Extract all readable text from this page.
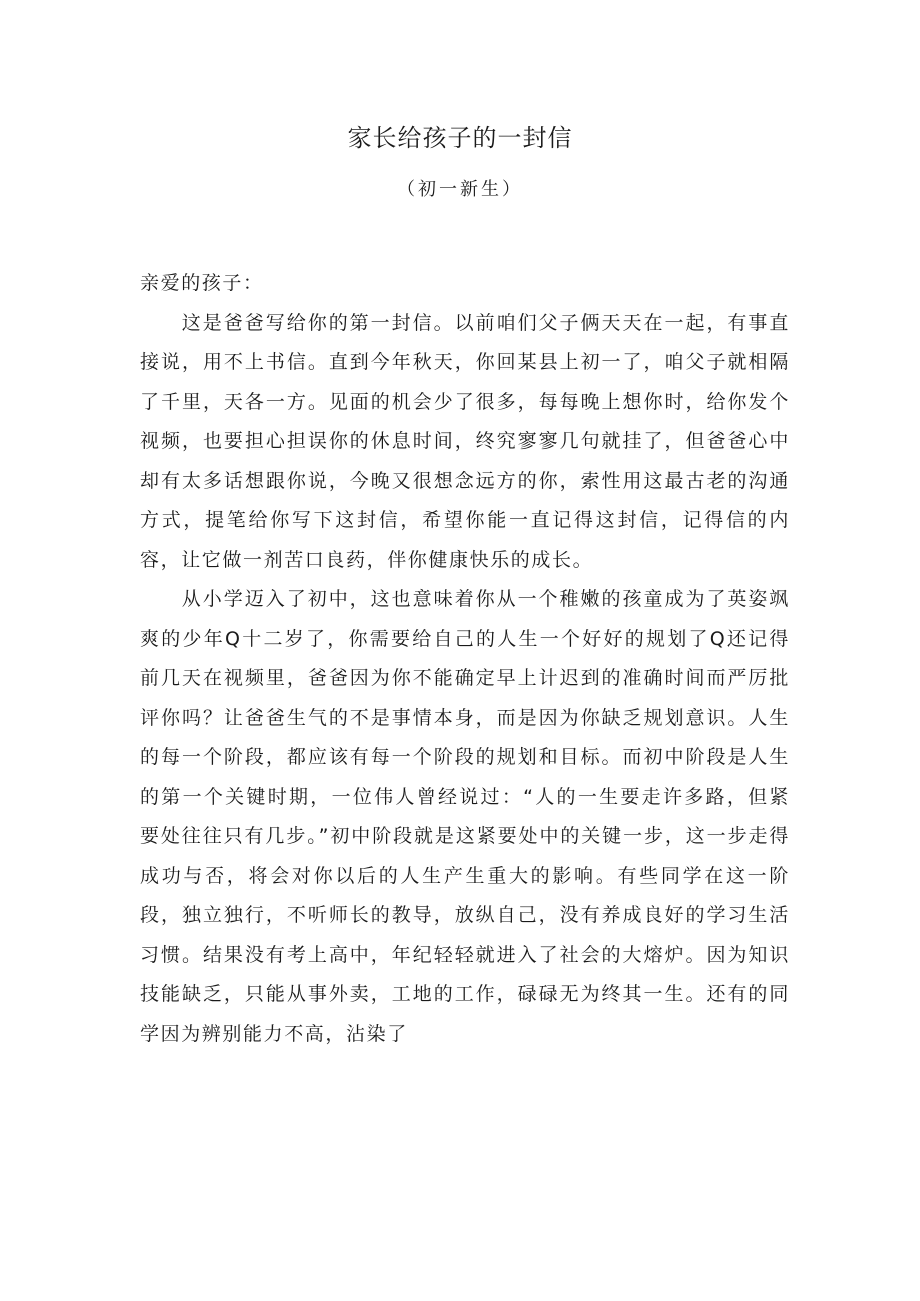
家长给孩子的一封信
（初一新生）

亲爱的孩子：

这是爸爸写给你的第一封信。以前咱们父子俩天天在一起，有事直接说，用不上书信。直到今年秋天，你回某县上初一了，咱父子就相隔了千里，天各一方。见面的机会少了很多，每每晚上想你时，给你发个视频，也要担心担误你的休息时间，终究寥寥几句就挂了，但爸爸心中却有太多话想跟你说，今晚又很想念远方的你，索性用这最古老的沟通方式，提笔给你写下这封信，希望你能一直记得这封信，记得信的内容，让它做一剂苦口良药，伴你健康快乐的成长。

从小学迈入了初中，这也意味着你从一个稚嫩的孩童成为了英姿飒爽的少年Q十二岁了，你需要给自己的人生一个好好的规划了Q还记得前几天在视频里，爸爸因为你不能确定早上计迟到的准确时间而严厉批评你吗？让爸爸生气的不是事情本身，而是因为你缺乏规划意识。人生的每一个阶段，都应该有每一个阶段的规划和目标。而初中阶段是人生的第一个关键时期，一位伟人曾经说过：“人的一生要走许多路，但紧要处往往只有几步。”初中阶段就是这紧要处中的关键一步，这一步走得成功与否，将会对你以后的人生产生重大的影响。有些同学在这一阶段，独立独行，不听师长的教导，放纵自己，没有养成良好的学习生活习惯。结果没有考上高中，年纪轻轻就进入了社会的大熔炉。因为知识技能缺乏，只能从事外卖，工地的工作，碌碌无为终其一生。还有的同学因为辨别能力不高，沾染了
